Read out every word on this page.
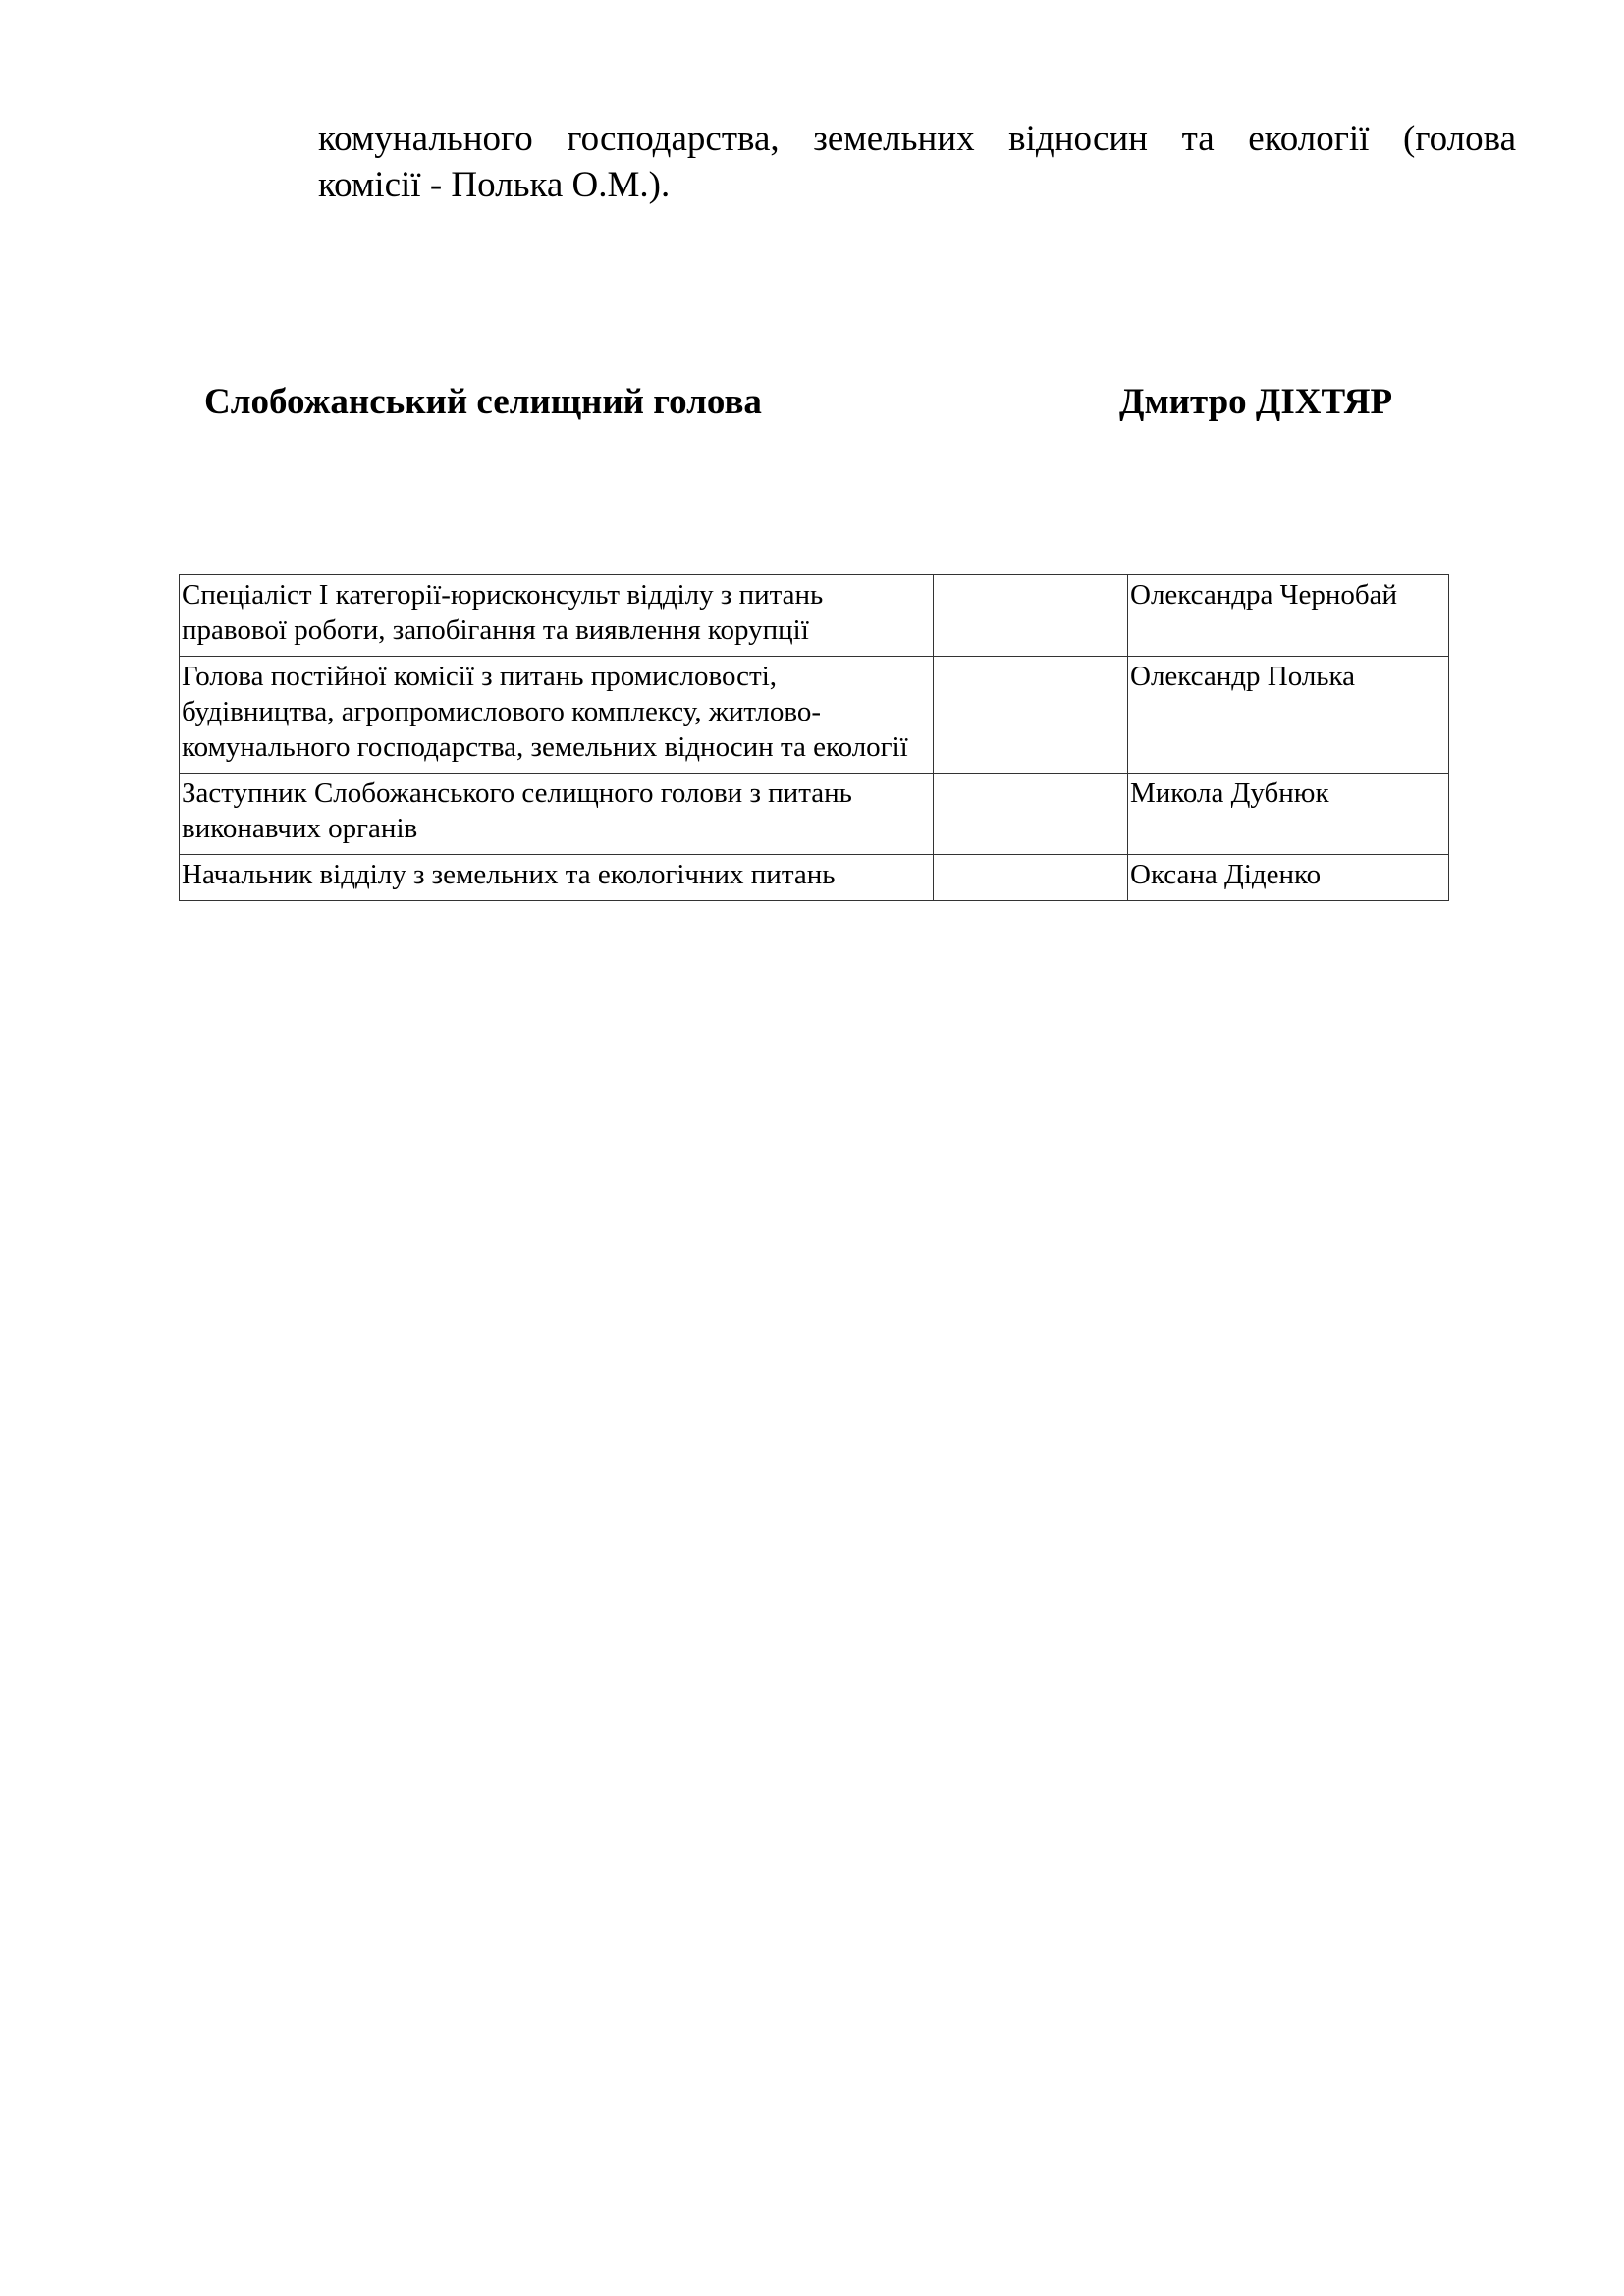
комунального господарства, земельних відносин та екології (голова
комісії - Полька О.М.).
Слобожанський селищний голова	Дмитро ДІХТЯР
Спеціаліст І категорії-юрисконсульт відділу з питань правової роботи, запобігання та виявлення корупції		Олександра Чернобай
Голова постійної комісії з питань промисловості, будівництва, агропромислового комплексу, житлово-комунального господарства, земельних відносин та екології		Олександр Полька
Заступник Слобожанського селищного голови з питань виконавчих органів		Микола Дубнюк
Начальник відділу з земельних та екологічних питань		Оксана Діденко
